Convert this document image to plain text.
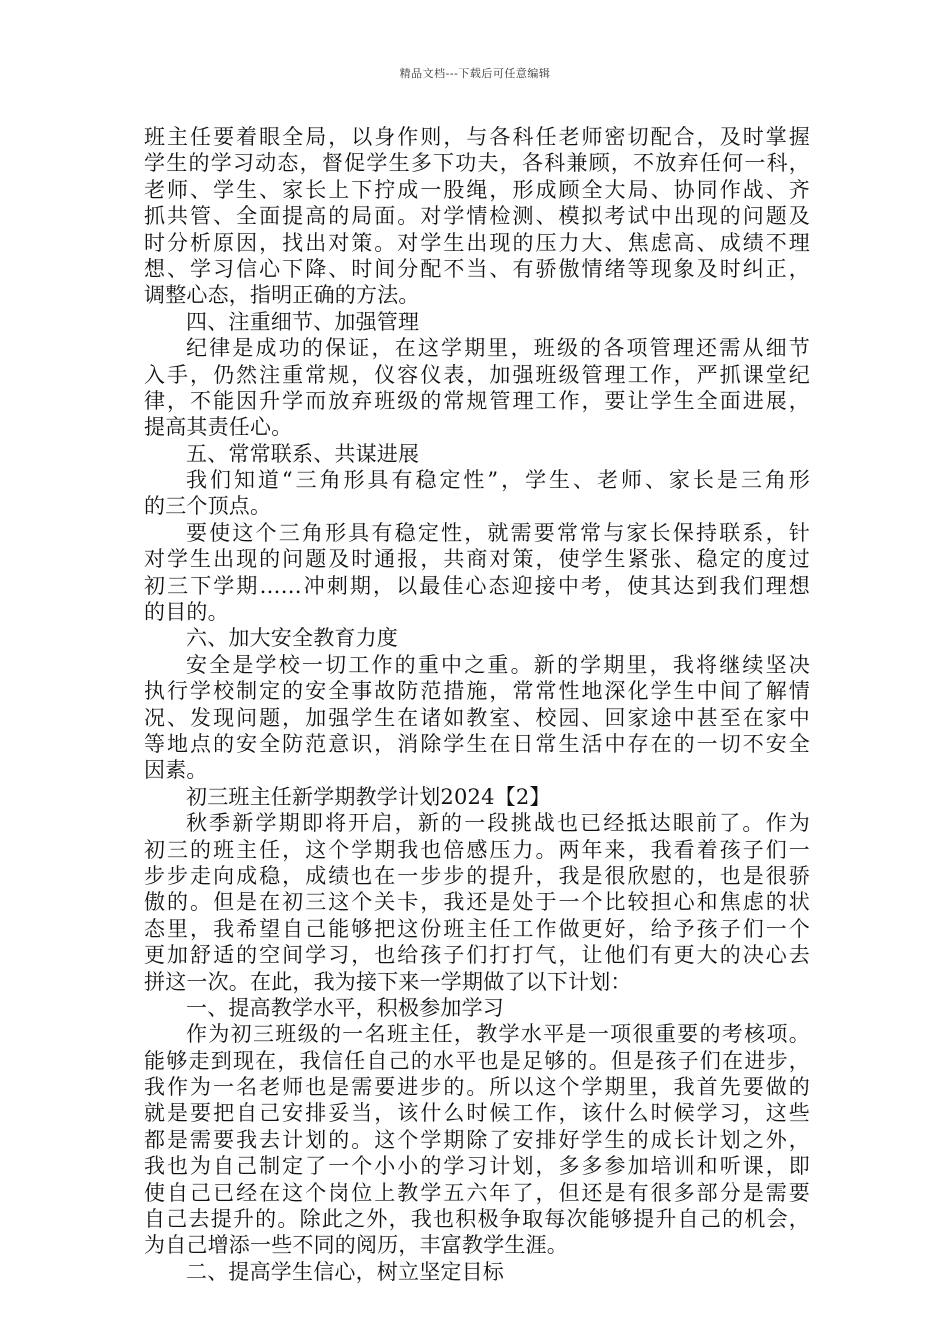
精品文档---下载后可任意编辑
班主任要着眼全局，以身作则，与各科任老师密切配合，及时掌握
学生的学习动态，督促学生多下功夫，各科兼顾，不放弃任何一科，
老师、学生、家长上下拧成一股绳，形成顾全大局、协同作战、齐
抓共管、全面提高的局面。对学情检测、模拟考试中出现的问题及
时分析原因，找出对策。对学生出现的压力大、焦虑高、成绩不理
想、学习信心下降、时间分配不当、有骄傲情绪等现象及时纠正，
调整心态，指明正确的方法。
四、注重细节、加强管理
纪律是成功的保证，在这学期里，班级的各项管理还需从细节
入手，仍然注重常规，仪容仪表，加强班级管理工作，严抓课堂纪
律，不能因升学而放弃班级的常规管理工作，要让学生全面进展，
提高其责任心。
五、常常联系、共谋进展
我们知道“三角形具有稳定性”，学生、老师、家长是三角形
的三个顶点。
要使这个三角形具有稳定性，就需要常常与家长保持联系，针
对学生出现的问题及时通报，共商对策，使学生紧张、稳定的度过
初三下学期……冲刺期，以最佳心态迎接中考，使其达到我们理想
的目的。
六、加大安全教育力度
安全是学校一切工作的重中之重。新的学期里，我将继续坚决
执行学校制定的安全事故防范措施，常常性地深化学生中间了解情
况、发现问题，加强学生在诸如教室、校园、回家途中甚至在家中
等地点的安全防范意识，消除学生在日常生活中存在的一切不安全
因素。
初三班主任新学期教学计划2024【2】
秋季新学期即将开启，新的一段挑战也已经抵达眼前了。作为
初三的班主任，这个学期我也倍感压力。两年来，我看着孩子们一
步步走向成稳，成绩也在一步步的提升，我是很欣慰的，也是很骄
傲的。但是在初三这个关卡，我还是处于一个比较担心和焦虑的状
态里，我希望自己能够把这份班主任工作做更好，给予孩子们一个
更加舒适的空间学习，也给孩子们打打气，让他们有更大的决心去
拼这一次。在此，我为接下来一学期做了以下计划：
一、提高教学水平，积极参加学习
作为初三班级的一名班主任，教学水平是一项很重要的考核项。
能够走到现在，我信任自己的水平也是足够的。但是孩子们在进步，
我作为一名老师也是需要进步的。所以这个学期里，我首先要做的
就是要把自己安排妥当，该什么时候工作，该什么时候学习，这些
都是需要我去计划的。这个学期除了安排好学生的成长计划之外，
我也为自己制定了一个小小的学习计划，多多参加培训和听课，即
使自己已经在这个岗位上教学五六年了，但还是有很多部分是需要
自己去提升的。除此之外，我也积极争取每次能够提升自己的机会，
为自己增添一些不同的阅历，丰富教学生涯。
二、提高学生信心，树立坚定目标
